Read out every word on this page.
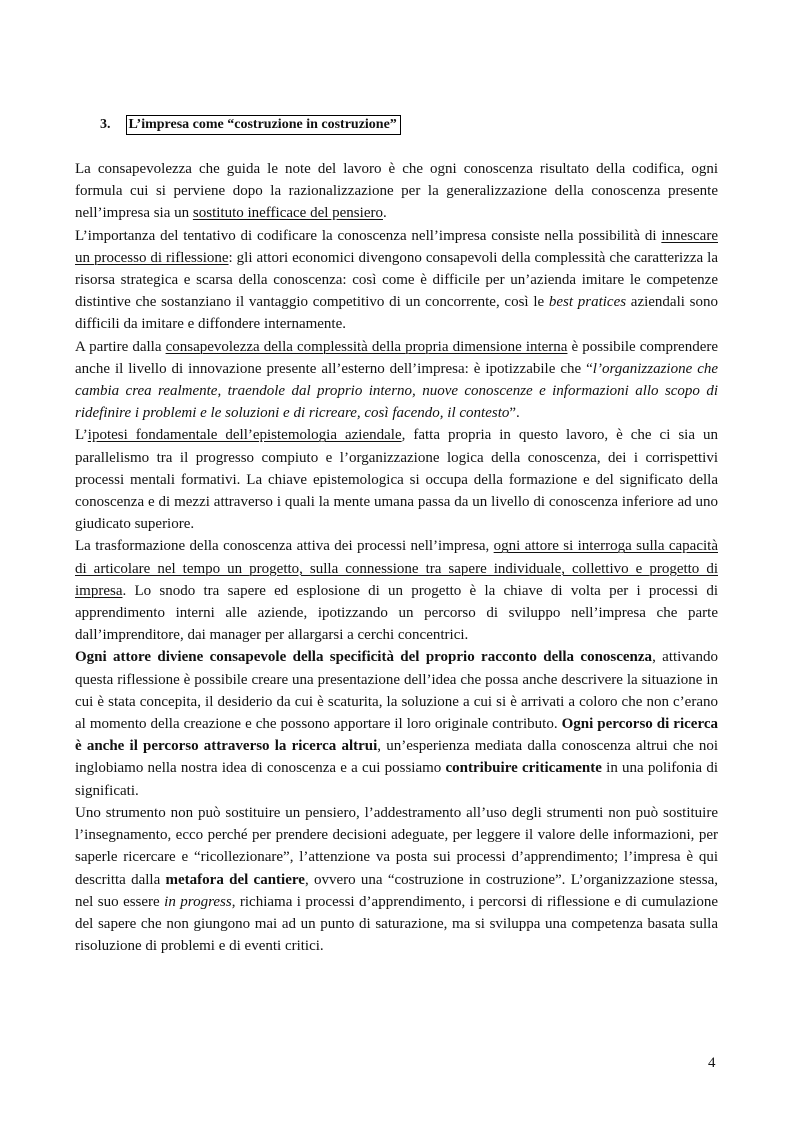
3. L’impresa come “costruzione in costruzione”

La consapevolezza che guida le note del lavoro è che ogni conoscenza risultato della codifica, ogni formula cui si perviene dopo la razionalizzazione per la generalizzazione della conoscenza presente nell’impresa sia un sostituto inefficace del pensiero.

L’importanza del tentativo di codificare la conoscenza nell’impresa consiste nella possibilità di innescare un processo di riflessione: gli attori economici divengono consapevoli della complessità che caratterizza la risorsa strategica e scarsa della conoscenza: così come è difficile per un’azienda imitare le competenze distintive che sostanziano il vantaggio competitivo di un concorrente, così le best pratices aziendali sono difficili da imitare e diffondere internamente.

A partire dalla consapevolezza della complessità della propria dimensione interna è possibile comprendere anche il livello di innovazione presente all’esterno dell’impresa: è ipotizzabile che “l’organizzazione che cambia crea realmente, traendole dal proprio interno, nuove conoscenze e informazioni allo scopo di ridefinire i problemi e le soluzioni e di ricreare, così facendo, il contesto”.

L’ipotesi fondamentale dell’epistemologia aziendale, fatta propria in questo lavoro, è che ci sia un parallelismo tra il progresso compiuto e l’organizzazione logica della conoscenza, dei i corrispettivi processi mentali formativi. La chiave epistemologica si occupa della formazione e del significato della conoscenza e di mezzi attraverso i quali la mente umana passa da un livello di conoscenza inferiore ad uno giudicato superiore.

La trasformazione della conoscenza attiva dei processi nell’impresa, ogni attore si interroga sulla capacità di articolare nel tempo un progetto, sulla connessione tra sapere individuale, collettivo e progetto di impresa. Lo snodo tra sapere ed esplosione di un progetto è la chiave di volta per i processi di apprendimento interni alle aziende, ipotizzando un percorso di sviluppo nell’impresa che parte dall’imprenditore, dai manager per allargarsi a cerchi concentrici.

Ogni attore diviene consapevole della specificità del proprio racconto della conoscenza, attivando questa riflessione è possibile creare una presentazione dell’idea che possa anche descrivere la situazione in cui è stata concepita, il desiderio da cui è scaturita, la soluzione a cui si è arrivati a coloro che non c’erano al momento della creazione e che possono apportare il loro originale contributo. Ogni percorso di ricerca è anche il percorso attraverso la ricerca altrui, un’esperienza mediata dalla conoscenza altrui che noi inglobiamo nella nostra idea di conoscenza e a cui possiamo contribuire criticamente in una polifonia di significati.

Uno strumento non può sostituire un pensiero, l’addestramento all’uso degli strumenti non può sostituire l’insegnamento, ecco perché per prendere decisioni adeguate, per leggere il valore delle informazioni, per saperle ricercare e “ricollezionare”, l’attenzione va posta sui processi d’apprendimento; l’impresa è qui descritta dalla metafora del cantiere, ovvero una “costruzione in costruzione”. L’organizzazione stessa, nel suo essere in progress, richiama i processi d’apprendimento, i percorsi di riflessione e di cumulazione del sapere che non giungono mai ad un punto di saturazione, ma si sviluppa una competenza basata sulla risoluzione di problemi e di eventi critici.

4
